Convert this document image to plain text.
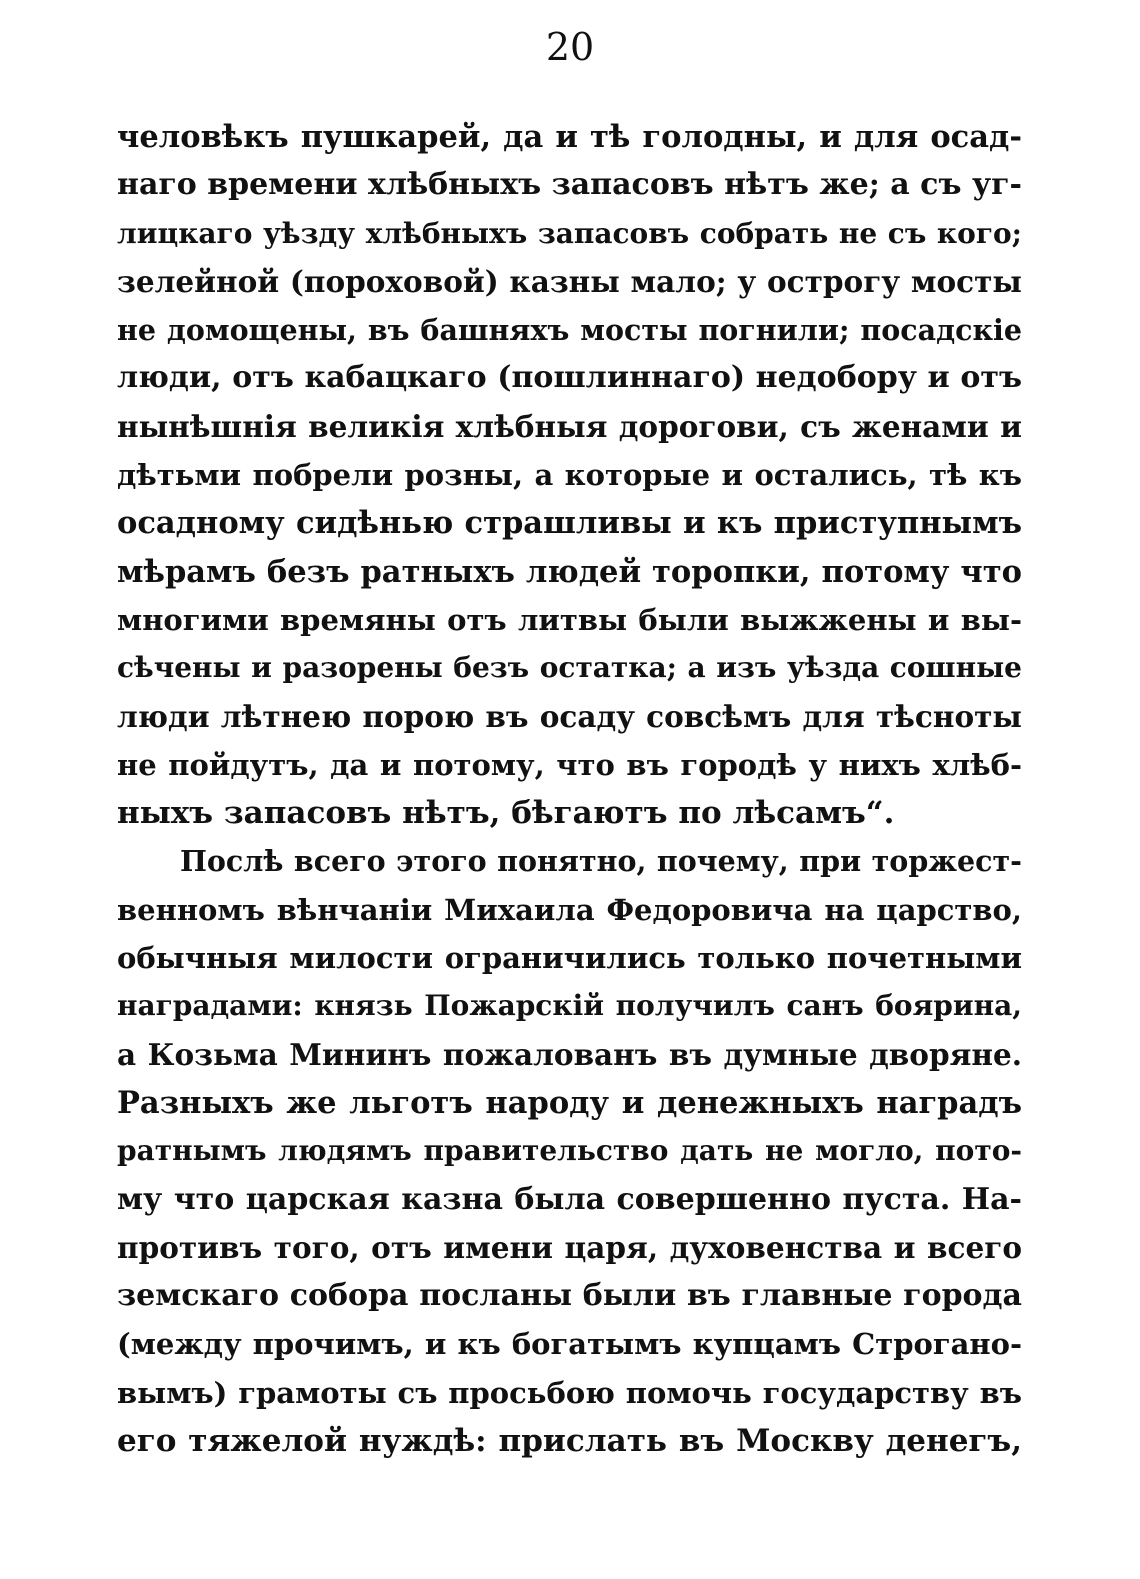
20
человѣкъ пушкарей, да и тѣ голодны, и для осад-
наго времени хлѣбныхъ запасовъ нѣтъ же; а съ уг-
лицкаго уѣзду хлѣбныхъ запасовъ собрать не съ кого;
зелейной (пороховой) казны мало; у острогу мосты
не домощены, въ башняхъ мосты погнили; посадскіе
люди, отъ кабацкаго (пошлиннаго) недобору и отъ
нынѣшнія великія хлѣбныя дорогови, съ женами и
дѣтьми побрели розны, а которые и остались, тѣ къ
осадному сидѣнью страшливы и къ приступнымъ
мѣрамъ безъ ратныхъ людей торопки, потому что
многими времяны отъ литвы были выжжены и вы-
сѣчены и разорены безъ остатка; а изъ уѣзда сошные
люди лѣтнею порою въ осаду совсѣмъ для тѣсноты
не пойдутъ, да и потому, что въ городѣ у нихъ хлѣб-
ныхъ запасовъ нѣтъ, бѣгаютъ по лѣсамъ“.
Послѣ всего этого понятно, почему, при торжест-
венномъ вѣнчаніи Михаила Федоровича на царство,
обычныя милости ограничились только почетными
наградами: князь Пожарскій получилъ санъ боярина,
а Козьма Мининъ пожалованъ въ думные дворяне.
Разныхъ же льготъ народу и денежныхъ наградъ
ратнымъ людямъ правительство дать не могло, пото-
му что царская казна была совершенно пуста. На-
противъ того, отъ имени царя, духовенства и всего
земскаго собора посланы были въ главные города
(между прочимъ, и къ богатымъ купцамъ Строгано-
вымъ) грамоты съ просьбою помочь государству въ
его тяжелой нуждѣ: прислать въ Москву денегъ,
